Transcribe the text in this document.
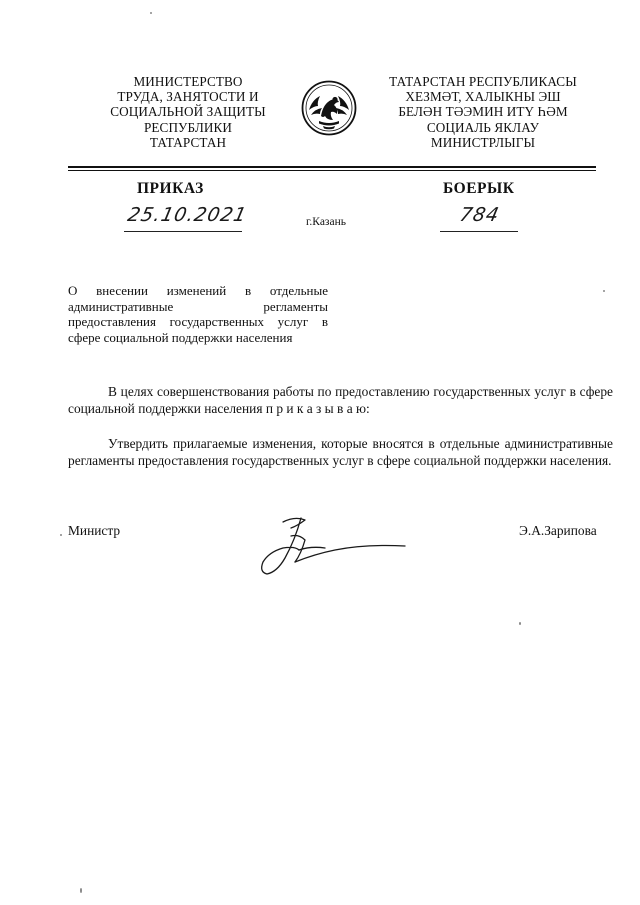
МИНИСТЕРСТВО
ТРУДА, ЗАНЯТОСТИ И
СОЦИАЛЬНОЙ ЗАЩИТЫ
РЕСПУБЛИКИ
ТАТАРСТАН
ТАТАРСТАН РЕСПУБЛИКАСЫ
ХЕЗМӘТ, ХАЛЫКНЫ ЭШ
БЕЛӘН ТӘЭМИН ИТҮ ҺӘМ
СОЦИАЛЬ ЯКЛАУ
МИНИСТРЛЫГЫ
ПРИКАЗ	БОЕРЫК
25.10.2021	г.Казань	784
О внесении изменений в отдельные административные регламенты предоставления государственных услуг в сфере социальной поддержки населения
В целях совершенствования работы по предоставлению государственных услуг в сфере социальной поддержки населения п р и к а з ы в а ю:
Утвердить прилагаемые изменения, которые вносятся в отдельные административные регламенты предоставления государственных услуг в сфере социальной поддержки населения.
Министр	Э.А.Зарипова
